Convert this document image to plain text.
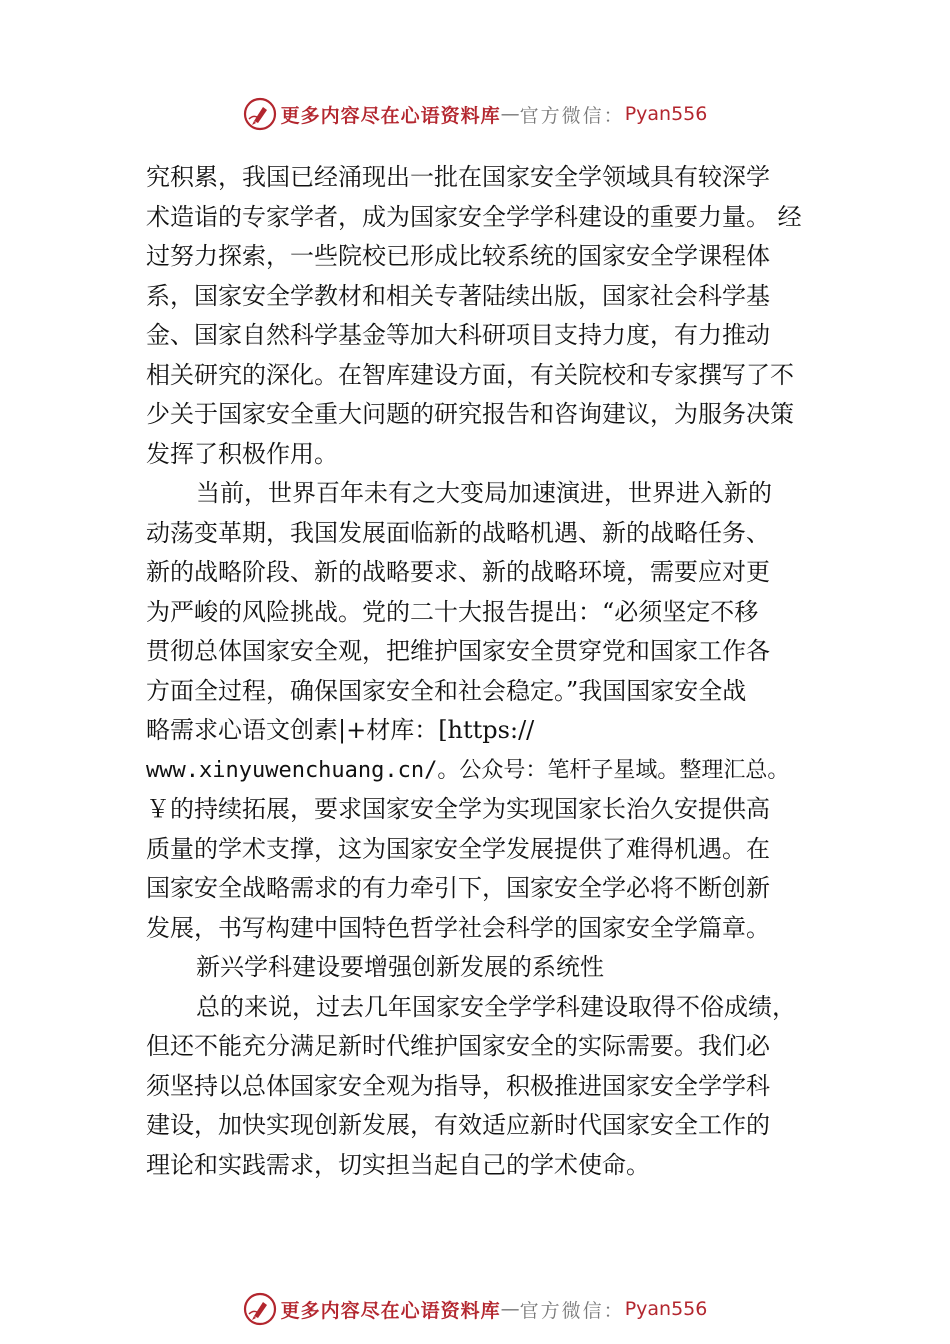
更多内容尽在心语资料库 — 官方微信： Pyan556
究积累，我国已经涌现出一批在国家安全学领域具有较深学
术造诣的专家学者，成为国家安全学学科建设的重要力量。 经
过努力探索，一些院校已形成比较系统的国家安全学课程体
系，国家安全学教材和相关专著陆续出版，国家社会科学基
金、国家自然科学基金等加大科研项目支持力度，有力推动
相关研究的深化。在智库建设方面，有关院校和专家撰写了不
少关于国家安全重大问题的研究报告和咨询建议，为服务决策
发挥了积极作用。
当前，世界百年未有之大变局加速演进，世界进入新的
动荡变革期，我国发展面临新的战略机遇、新的战略任务、
新的战略阶段、新的战略要求、新的战略环境，需要应对更
为严峻的风险挑战。党的二十大报告提出：“必须坚定不移
贯彻总体国家安全观，把维护国家安全贯穿党和国家工作各
方面全过程，确保国家安全和社会稳定。”我国国家安全战
略需求心语文创素|+材库：[https://
www.xinyuwenchuang.cn/。公众号：笔杆子星域。整理汇总。
￥的持续拓展，要求国家安全学为实现国家长治久安提供高
质量的学术支撑，这为国家安全学发展提供了难得机遇。在
国家安全战略需求的有力牵引下，国家安全学必将不断创新
发展，书写构建中国特色哲学社会科学的国家安全学篇章。
新兴学科建设要增强创新发展的系统性
总的来说，过去几年国家安全学学科建设取得不俗成绩，
但还不能充分满足新时代维护国家安全的实际需要。我们必
须坚持以总体国家安全观为指导，积极推进国家安全学学科
建设，加快实现创新发展，有效适应新时代国家安全工作的
理论和实践需求，切实担当起自己的学术使命。
更多内容尽在心语资料库 — 官方微信： Pyan556
